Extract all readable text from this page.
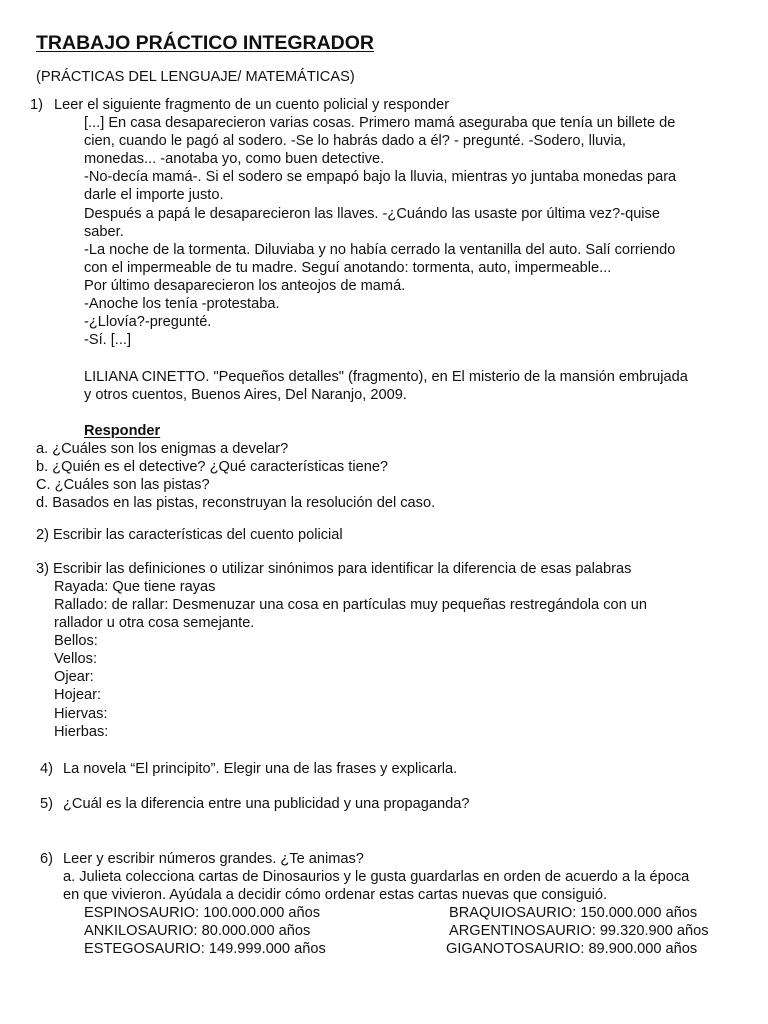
TRABAJO PRÁCTICO INTEGRADOR
(PRÁCTICAS DEL LENGUAJE/ MATEMÁTICAS)
1) Leer el siguiente fragmento de un cuento policial y responder
[...] En casa desaparecieron varias cosas. Primero mamá aseguraba que tenía un billete de
cien, cuando le pagó al sodero. -Se lo habrás dado a él? - pregunté. -Sodero, lluvia,
monedas... -anotaba yo, como buen detective.
-No-decía mamá-. Si el sodero se empapó bajo la lluvia, mientras yo juntaba monedas para
darle el importe justo.
Después a papá le desaparecieron las llaves. -¿Cuándo las usaste por última vez?-quise
saber.
-La noche de la tormenta. Diluviaba y no había cerrado la ventanilla del auto. Salí corriendo
con el impermeable de tu madre. Seguí anotando: tormenta, auto, impermeable...
Por último desaparecieron los anteojos de mamá.
-Anoche los tenía -protestaba.
-¿Llovía?-pregunté.
-Sí. [...]
LILIANA CINETTO. "Pequeños detalles" (fragmento), en El misterio de la mansión embrujada
y otros cuentos, Buenos Aires, Del Naranjo, 2009.
Responder
a. ¿Cuáles son los enigmas a develar?
b. ¿Quién es el detective? ¿Qué características tiene?
C. ¿Cuáles son las pistas?
d. Basados en las pistas, reconstruyan la resolución del caso.
2) Escribir las características del cuento policial
3) Escribir las definiciones o utilizar sinónimos para identificar la diferencia de esas palabras
Rayada: Que tiene rayas
Rallado: de rallar: Desmenuzar una cosa en partículas muy pequeñas restregándola con un
rallador u otra cosa semejante.
Bellos:
Vellos:
Ojear:
Hojear:
Hiervas:
Hierbas:
4) La novela “El principito”. Elegir una de las frases y explicarla.
5) ¿Cuál es la diferencia entre una publicidad y una propaganda?
6) Leer y escribir números grandes. ¿Te animas?
a. Julieta colecciona cartas de Dinosaurios y le gusta guardarlas en orden de acuerdo a la época
en que vivieron. Ayúdala a decidir cómo ordenar estas cartas nuevas que consiguió.
ESPINOSAURIO: 100.000.000 años
ANKILOSAURIO: 80.000.000 años
ESTEGOSAURIO: 149.999.000 años
BRAQUIOSAURIO: 150.000.000 años
ARGENTINOSAURIO: 99.320.900 años
GIGANOTOSAURIO: 89.900.000 años
